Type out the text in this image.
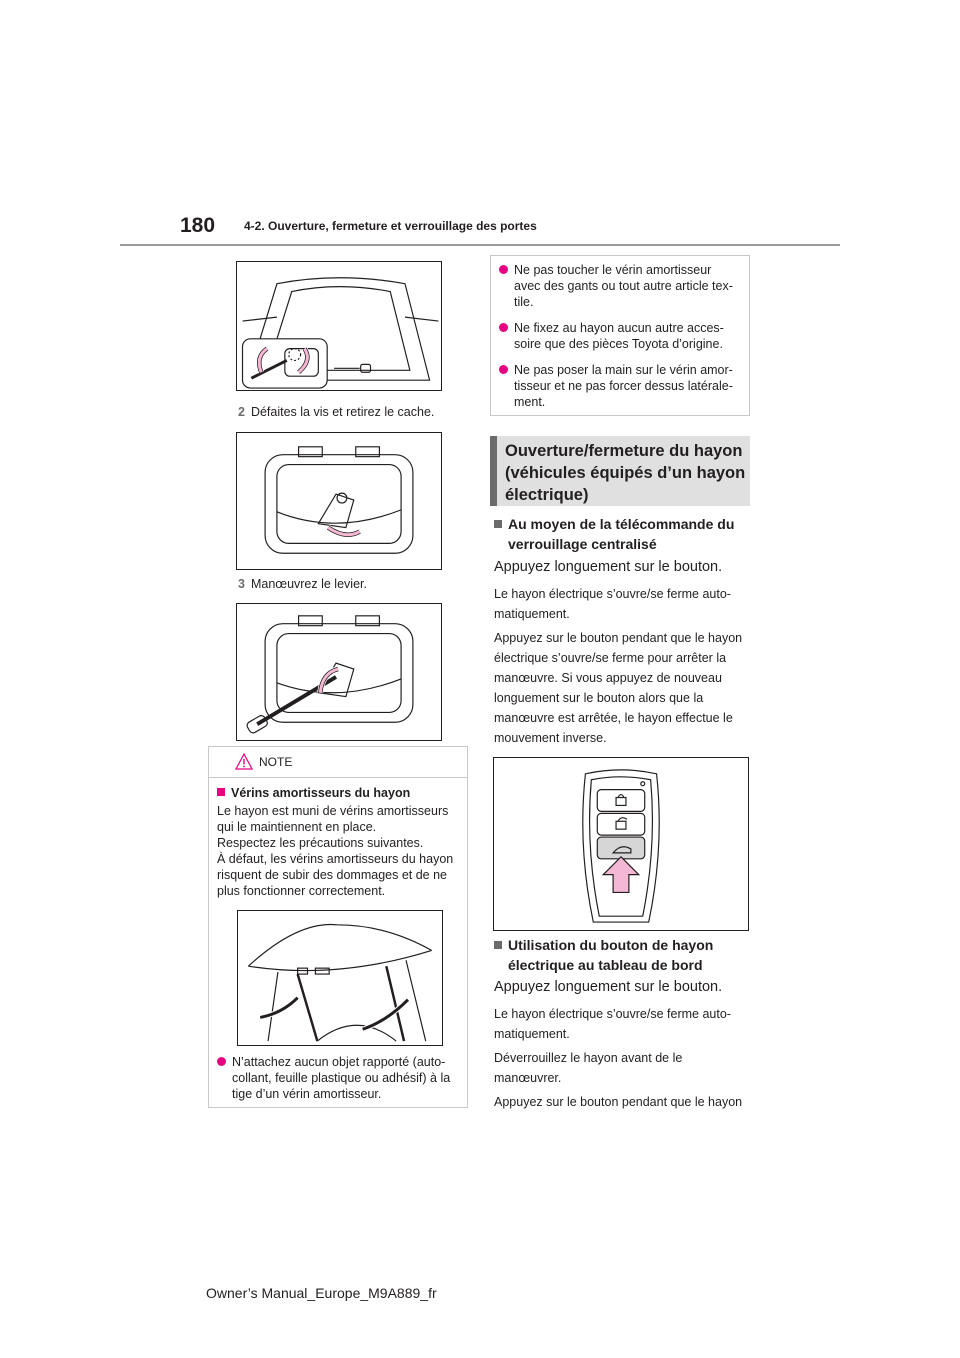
180 4-2. Ouverture, fermeture et verrouillage des portes
2 Défaites la vis et retirez le cache.
3 Manœuvrez le levier.
NOTE
Vérins amortisseurs du hayon
Le hayon est muni de vérins amortisseurs
qui le maintiennent en place.
Respectez les précautions suivantes.
À défaut, les vérins amortisseurs du hayon
risquent de subir des dommages et de ne
plus fonctionner correctement.
N’attachez aucun objet rapporté (auto-
collant, feuille plastique ou adhésif) à la
tige d’un vérin amortisseur.
Ne pas toucher le vérin amortisseur
avec des gants ou tout autre article tex-
tile.
Ne fixez au hayon aucun autre acces-
soire que des pièces Toyota d’origine.
Ne pas poser la main sur le vérin amor-
tisseur et ne pas forcer dessus latérale-
ment.
Ouverture/fermeture du hayon
(véhicules équipés d’un hayon
électrique)
Au moyen de la télécommande du
verrouillage centralisé
Appuyez longuement sur le bouton.
Le hayon électrique s’ouvre/se ferme auto-
matiquement.
Appuyez sur le bouton pendant que le hayon
électrique s’ouvre/se ferme pour arrêter la
manœuvre. Si vous appuyez de nouveau
longuement sur le bouton alors que la
manœuvre est arrêtée, le hayon effectue le
mouvement inverse.
Utilisation du bouton de hayon
électrique au tableau de bord
Appuyez longuement sur le bouton.
Le hayon électrique s’ouvre/se ferme auto-
matiquement.
Déverrouillez le hayon avant de le
manœuvrer.
Appuyez sur le bouton pendant que le hayon
Owner’s Manual_Europe_M9A889_fr
